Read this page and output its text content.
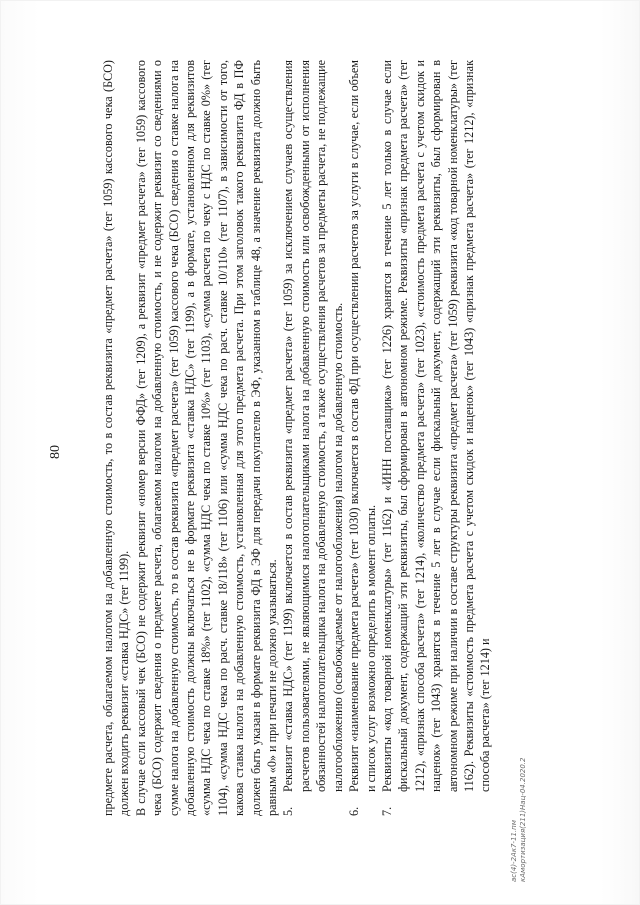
80	предмете расчета, облагаемом налогом на добавленную стоимость, то в состав реквизита «предмет расчета» (тег 1059) кассового чека (БСО) должен входить реквизит «ставка НДС» (тег 1199). В случае если кассовый чек (БСО) не содержит реквизит «номер версии ФФД» (тег 1209), а реквизит «предмет расчета» (тег 1059) кассового чека (БСО) содержит сведения о предмете расчета, облагаемом налогом на добавленную стоимость, и не содержит реквизит со сведениями о сумме налога на добавленную стоимость, то в состав реквизита «предмет расчета» (тег 1059) кассового чека (БСО) сведения о ставке налога на добавленную стоимость должны включаться не в формате реквизита «ставка НДС» (тег 1199), а в формате, установленном для реквизитов «сумма НДС чека по ставке 18%» (тег 1102), «сумма НДС чека по ставке 10%» (тег 1103), «сумма расчета по чеку с НДС по ставке 0%» (тег 1104), «сумма НДС чека по расч. ставке 18/118» (тег 1106) или «сумма НДС чека по расч. ставке 10/110» (тег 1107), в зависимости от того, какова ставка налога на добавленную стоимость, установленная для этого предмета расчета. При этом заголовок такого реквизита ФД в ПФ должен быть указан в формате реквизита ФД в ЭФ для передачи покупателю в ЭФ, указанном в таблице 48, а значение реквизита должно быть равным «0» и при печати не должно указываться. 5.
Реквизит «ставка НДС» (тег 1199) включается в состав реквизита «предмет расчета» (тег 1059) за исключением случаев осуществления расчетов пользователями, не являющимися налогоплательщиками налога на добавленную стоимость или освобожденными от исполнения обязанностей налогоплательщика налога на добавленную стоимость, а также осуществления расчетов за предметы расчета, не подлежащие налогообложению (освобождаемые от налогообложения) налогом на добавленную стоимость.
6.
Реквизит «наименование предмета расчета» (тег 1030) включается в состав ФД при осуществлении расчетов за услуги в случае, если объем и список услуг возможно определить в момент оплаты.
7.
Реквизиты «код товарной номенклатуры» (тег 1162) и «ИНН поставщика» (тег 1226) хранятся в течение 5 лет только в случае если фискальный документ, содержащий эти реквизиты, был сформирован в автономном режиме. Реквизиты «признак предмета расчета» (тег 1212), «признак способа расчета» (тег 1214), «количество предмета расчета» (тег 1023), «стоимость предмета расчета с учетом скидок и наценок» (тег 1043) хранятся в течение 5 лет в случае если фискальный документ, содержащий эти реквизиты, был сформирован в автономном режиме при наличии в составе структуры реквизита «предмет расчета» (тег 1059) реквизита «код товарной номенклатуры» (тег 1162). Реквизиты «стоимость предмета расчета с учетом скидок и наценок» (тег 1043) «признак предмета расчета» (тег 1212), «признак способа расчета» (тег 1214) и
ас(4)-2Ак7-11.пм кАмортизация(211)Нац-04.2020.2
